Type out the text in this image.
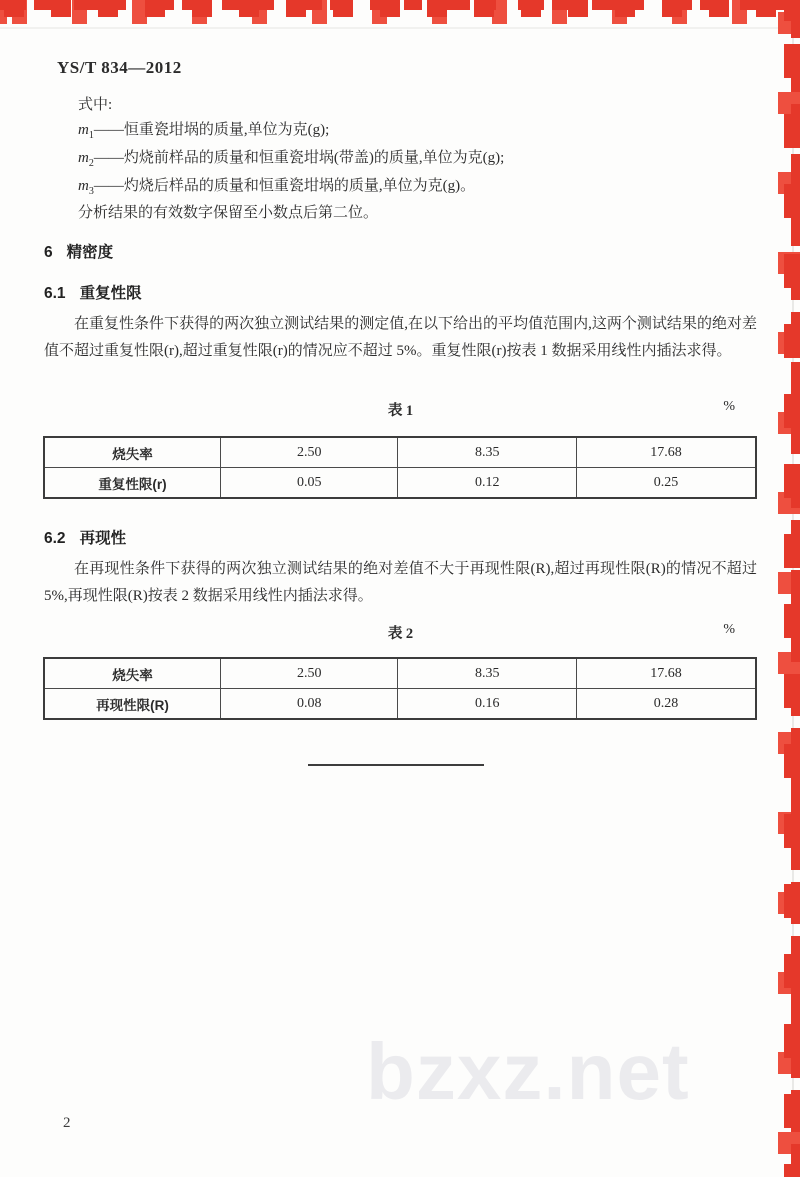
YS/T 834—2012
式中:
$m_1——$恒重瓷坩埚的质量,单位为克(g);
$m_2——$灼烧前样品的质量和恒重瓷坩埚(带盖)的质量,单位为克(g);
$m_3——$灼烧后样品的质量和恒重瓷坩埚的质量,单位为克(g)。
分析结果的有效数字保留至小数点后第二位。
6 精密度
6.1 重复性限

在重复性条件下获得的两次独立测试结果的测定值,在以下给出的平均值范围内,这两个测试结果的绝对差值不超过重复性限(r),超过重复性限(r)的情况应不超过 5%。重复性限(r)按表 1 数据采用线性内插法求得。

表 1	%
烧失率	2.50	8.35	17.68
重复性限(r)	0.05	0.12	0.25
6.2 再现性

在再现性条件下获得的两次独立测试结果的绝对差值不大于再现性限(R),超过再现性限(R)的情况不超过 5%,再现性限(R)按表 2 数据采用线性内插法求得。

表 2	%
烧失率	2.50	8.35	17.68
再现性限(R)	0.08	0.16	0.28
bzxz.net
2
